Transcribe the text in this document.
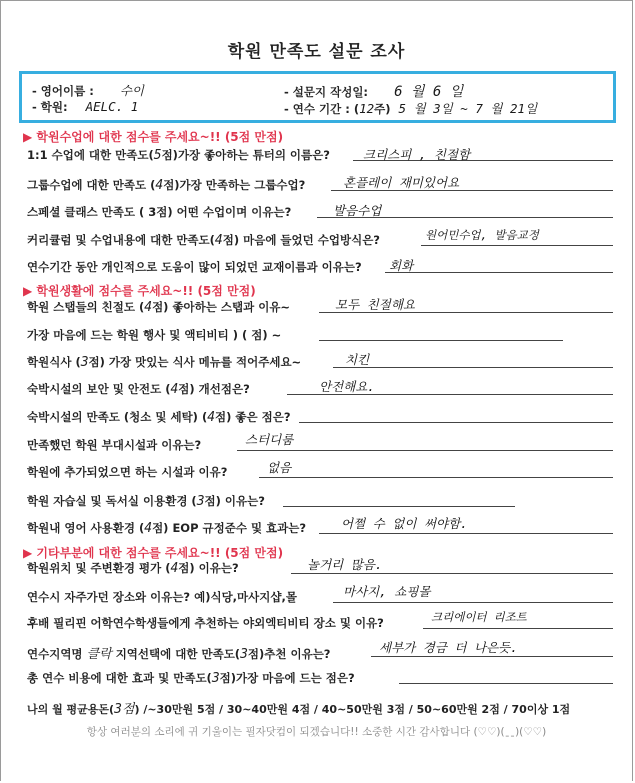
학원 만족도 설문 조사
- 영어이름 : 수이
- 학원: AELC. 1
- 설문지 작성일: 6 월 6 일
- 연수 기간 : (12주) 5 월 3일 ~ 7 월 21일
▶ 학원수업에 대한 점수를 주세요~!! (5점 만점)
1:1 수업에 대한 만족도(5점)가장 좋아하는 튜터의 이름은?	크리스피 , 친절함
그룹수업에 대한 만족도 (4점)가장 만족하는 그룹수업?	혼플레이 재미있어요
스페셜 클래스 만족도 ( 3점) 어떤 수업이며 이유는?	발음수업
커리큘럼 및 수업내용에 대한 만족도(4점) 마음에 들었던 수업방식은?	원어민수업, 발음교정
연수기간 동안 개인적으로 도움이 많이 되었던 교재이름과 이유는? 회화
▶ 학원생활에 점수를 주세요~!! (5점 만점)
학원 스탭들의 친절도 (4점) 좋아하는 스탭과 이유~	모두 친절해요
가장 마음에 드는 학원 행사 및 액티비티 ) ( 점) ~
학원식사 (3점) 가장 맛있는 식사 메뉴를 적어주세요~	치킨
숙박시설의 보안 및 안전도 (4점) 개선점은?	안전해요.
숙박시설의 만족도 (청소 및 세탁) (4점) 좋은 점은?
만족했던 학원 부대시설과 이유는?	스터디룸
학원에 추가되었으면 하는 시설과 이유?	없음
학원 자습실 및 독서실 이용환경 (3점) 이유는?
학원내 영어 사용환경 (4점) EOP 규정준수 및 효과는?	어쩔 수 없이 써야함.
▶ 기타부분에 대한 점수를 주세요~!! (5점 만점)
학원위치 및 주변환경 평가 (4점) 이유는?	놀거리 많음.
연수시 자주가던 장소와 이유는? 예)식당,마사지샵,몰	마사지, 쇼핑몰
후배 필리핀 어학연수학생들에게 추천하는 야외엑티비티 장소 및 이유?	크리에이터 리조트
연수지역명 클락 지역선택에 대한 만족도(3점)추천 이유는?	세부가 경금 더 나은듯.
총 연수 비용에 대한 효과 및 만족도(3점)가장 마음에 드는 점은?
나의 월 평균용돈(3점) /~30만원 5점 / 30~40만원 4점 / 40~50만원 3점 / 50~60만원 2점 / 70이상 1점
항상 여러분의 소리에 귀 기울이는 필자닷컴이 되겠습니다!! 소중한 시간 감사합니다 (♡♡)(ˍˍ)(♡♡)
